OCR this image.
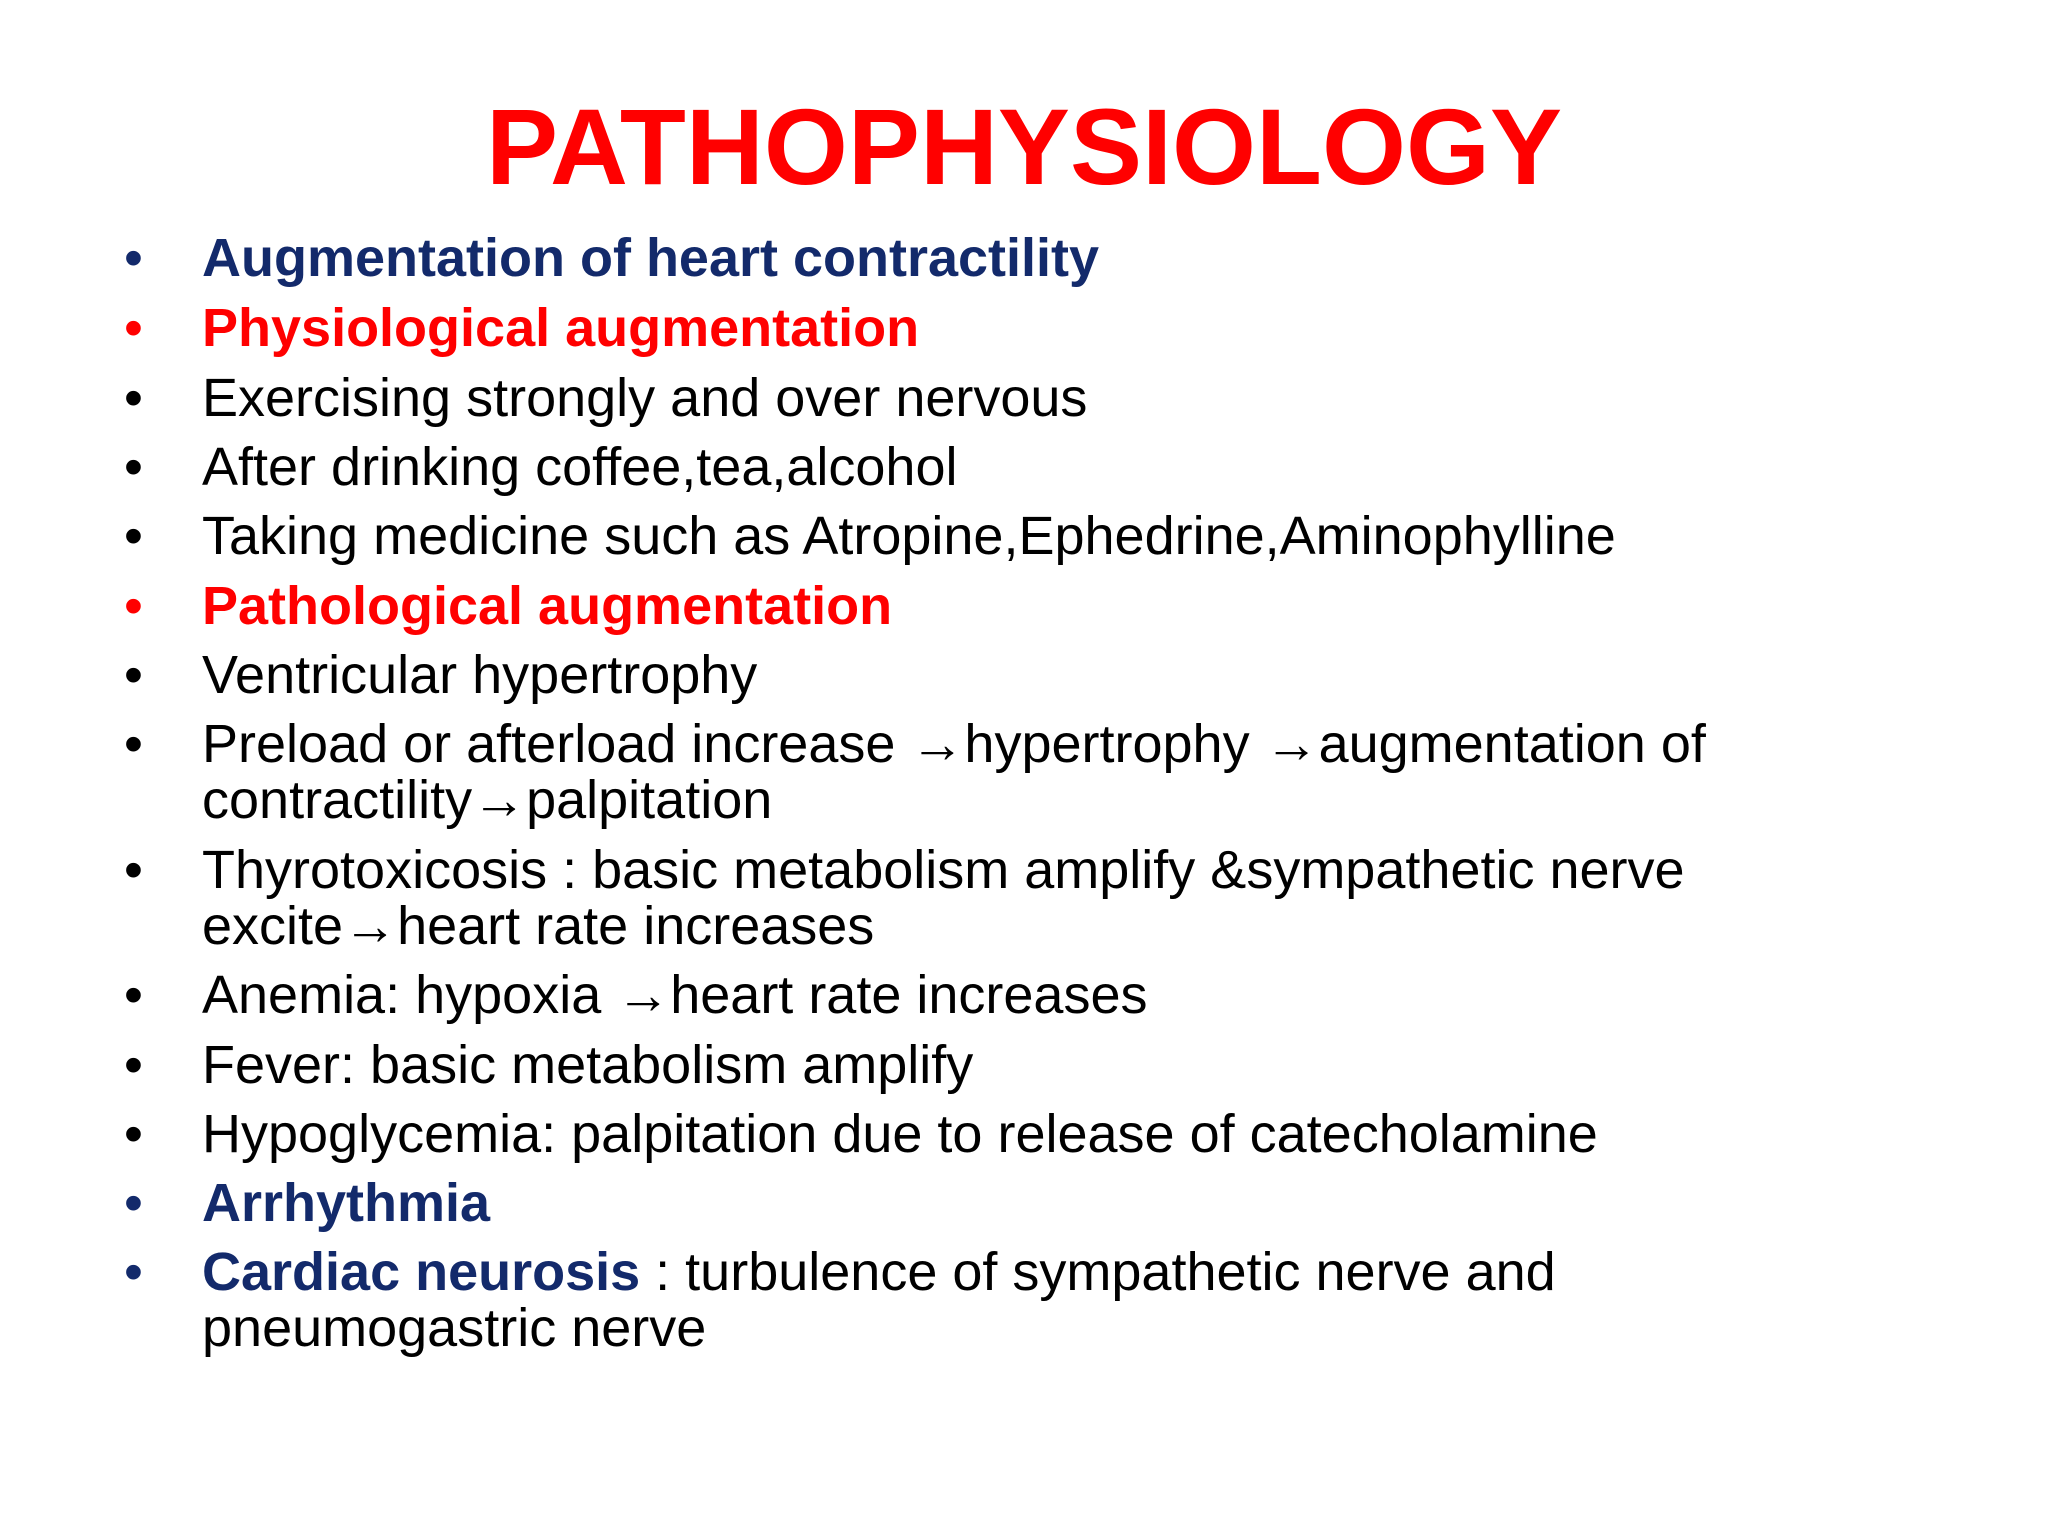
PATHOPHYSIOLOGY
•	Augmentation of heart contractility
•	Physiological augmentation
•	Exercising strongly and over nervous
•	After drinking coffee,tea,alcohol
•	Taking medicine such as Atropine,Ephedrine,Aminophylline
•	Pathological augmentation
•	Ventricular hypertrophy
•	Preload or afterload increase →hypertrophy →augmentation of contractility→palpitation
•	Thyrotoxicosis : basic metabolism amplify &sympathetic nerve excite→heart rate increases
•	Anemia: hypoxia →heart rate increases
•	Fever: basic metabolism amplify
•	Hypoglycemia: palpitation due to release of catecholamine
•	Arrhythmia
•	Cardiac neurosis : turbulence of sympathetic nerve and pneumogastric nerve
